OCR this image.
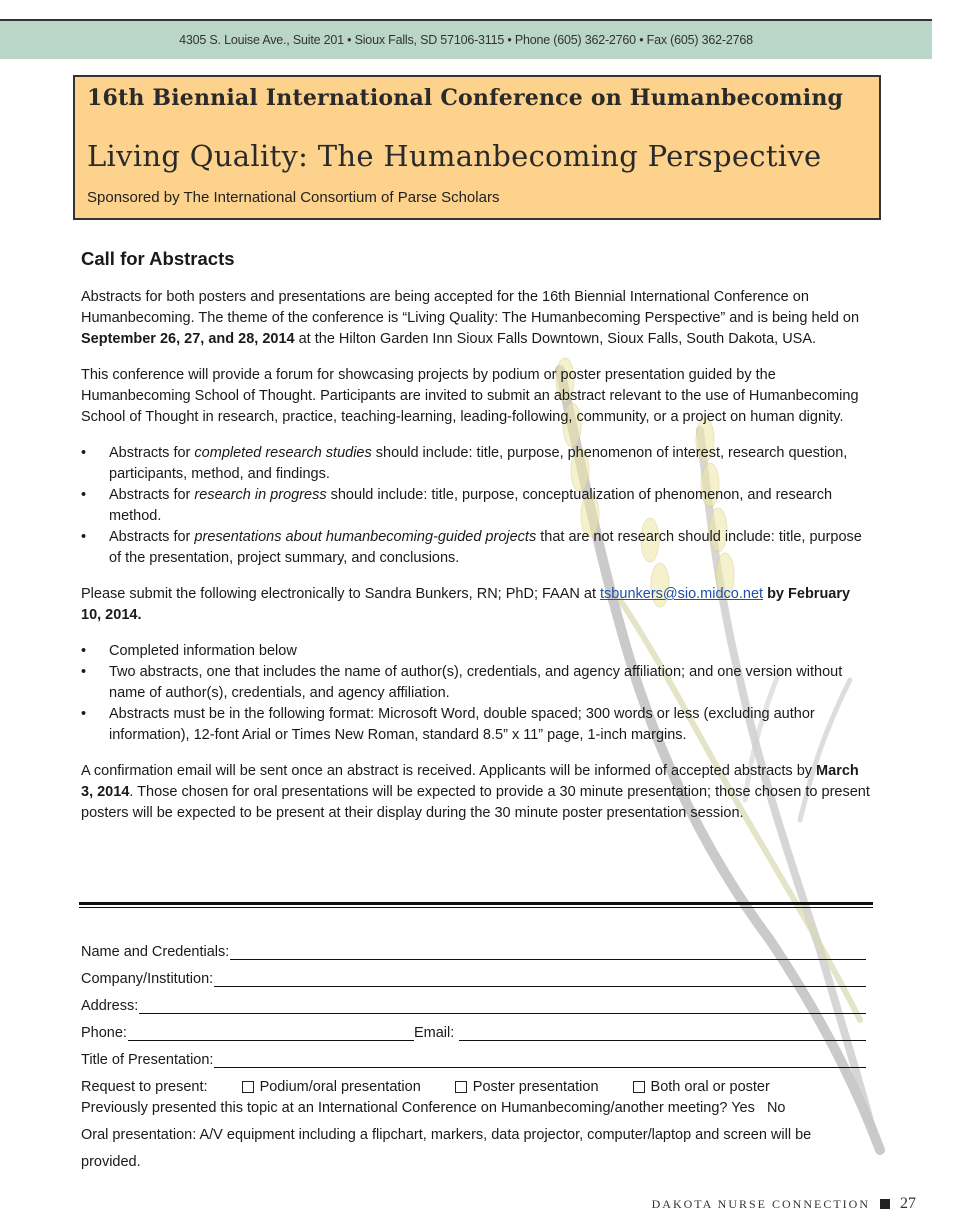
4305 S. Louise Ave., Suite 201 • Sioux Falls, SD 57106-3115 • Phone (605) 362-2760 • Fax (605) 362-2768
16th Biennial International Conference on Humanbecoming
Living Quality: The Humanbecoming Perspective
Sponsored by The International Consortium of Parse Scholars
Call for Abstracts

Abstracts for both posters and presentations are being accepted for the 16th Biennial International Conference on Humanbecoming. The theme of the conference is “Living Quality: The Humanbecoming Perspective” and is being held on September 26, 27, and 28, 2014 at the Hilton Garden Inn Sioux Falls Downtown, Sioux Falls, South Dakota, USA.

This conference will provide a forum for showcasing projects by podium or poster presentation guided by the Humanbecoming School of Thought. Participants are invited to submit an abstract relevant to the use of Humanbecoming School of Thought in research, practice, teaching-learning, leading-following, community, or a project on human dignity.

• Abstracts for completed research studies should include: title, purpose, phenomenon of interest, research question, participants, method, and findings.
• Abstracts for research in progress should include: title, purpose, conceptualization of phenomenon, and research method.
• Abstracts for presentations about humanbecoming-guided projects that are not research should include: title, purpose of the presentation, project summary, and conclusions.

Please submit the following electronically to Sandra Bunkers, RN; PhD; FAAN at tsbunkers@sio.midco.net by February 10, 2014.

• Completed information below
• Two abstracts, one that includes the name of author(s), credentials, and agency affiliation; and one version without name of author(s), credentials, and agency affiliation.
• Abstracts must be in the following format: Microsoft Word, double spaced; 300 words or less (excluding author information), 12-font Arial or Times New Roman, standard 8.5” x 11” page, 1-inch margins.

A confirmation email will be sent once an abstract is received. Applicants will be informed of accepted abstracts by March 3, 2014. Those chosen for oral presentations will be expected to provide a 30 minute presentation; those chosen to present posters will be expected to be present at their display during the 30 minute poster presentation session.

Name and Credentials:
Company/Institution:
Address:
Phone:	Email:
Title of Presentation:
Request to present:	Podium/oral presentation	Poster presentation	Both oral or poster
Previously presented this topic at an International Conference on Humanbecoming/another meeting? Yes   No
Oral presentation: A/V equipment including a flipchart, markers, data projector, computer/laptop and screen will be provided.
DAKOTA NURSE CONNECTION 27
